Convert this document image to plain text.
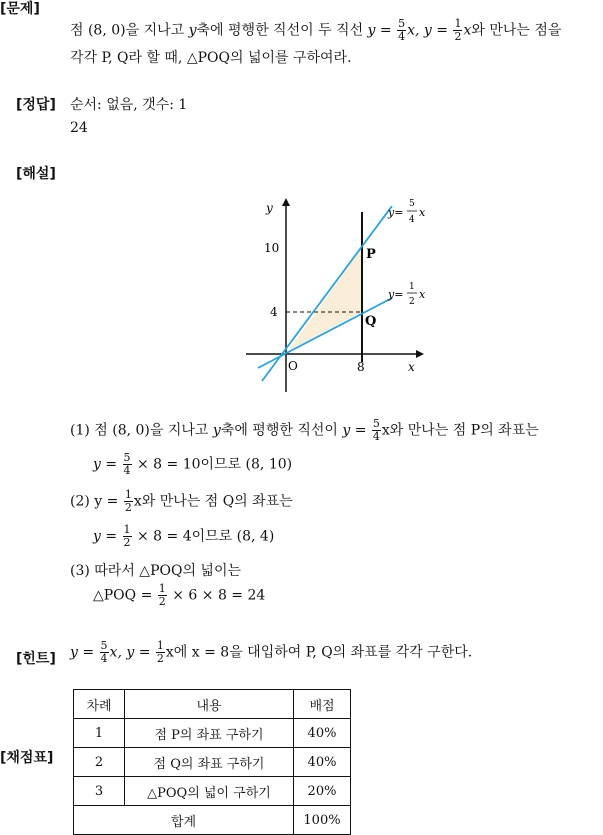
[문제]
점 (8, 0)을 지나고 y축에 평행한 직선이 두 직선 $y = \frac{5}{4} x$, $y = \frac{1}{2}$ x와 만나는 점을
각각 P, Q라 할 때, △POQ의 넓이를 구하여라.
[정답] 순서: 없음, 갯수: 1
24
[해설]
y
x
O	8
4
10	P
Q
y=
5
4
x
y=
1
2
x
(1) 점 (8, 0)을 지나고 y축에 평행한 직선이 $y = \frac{5}{4}$ x와 만나는 점 P의 좌표는
$y = \frac{5}{4} \times 8 = 10$이므로 (8, 10)
(2) $y = \frac{1}{2}$ x와 만나는 점 Q의 좌표는
$y = \frac{1}{2} \times 8 = 4$이므로 (8, 4)
(3) 따라서 △POQ의 넓이는
△POQ = $\frac{1}{2} \times 6 \times 8 = 24$
[힌트] $y = \frac{5}{4} x$, $y = \frac{1}{2}$ x에 x = 8을 대입하여 P, Q의 좌표를 각각 구한다.
[채점표]
차례	내용	배점
1	점 P의 좌표 구하기	40%
2	점 Q의 좌표 구하기	40%
3	△POQ의 넓이 구하기	20%
합계		100%
